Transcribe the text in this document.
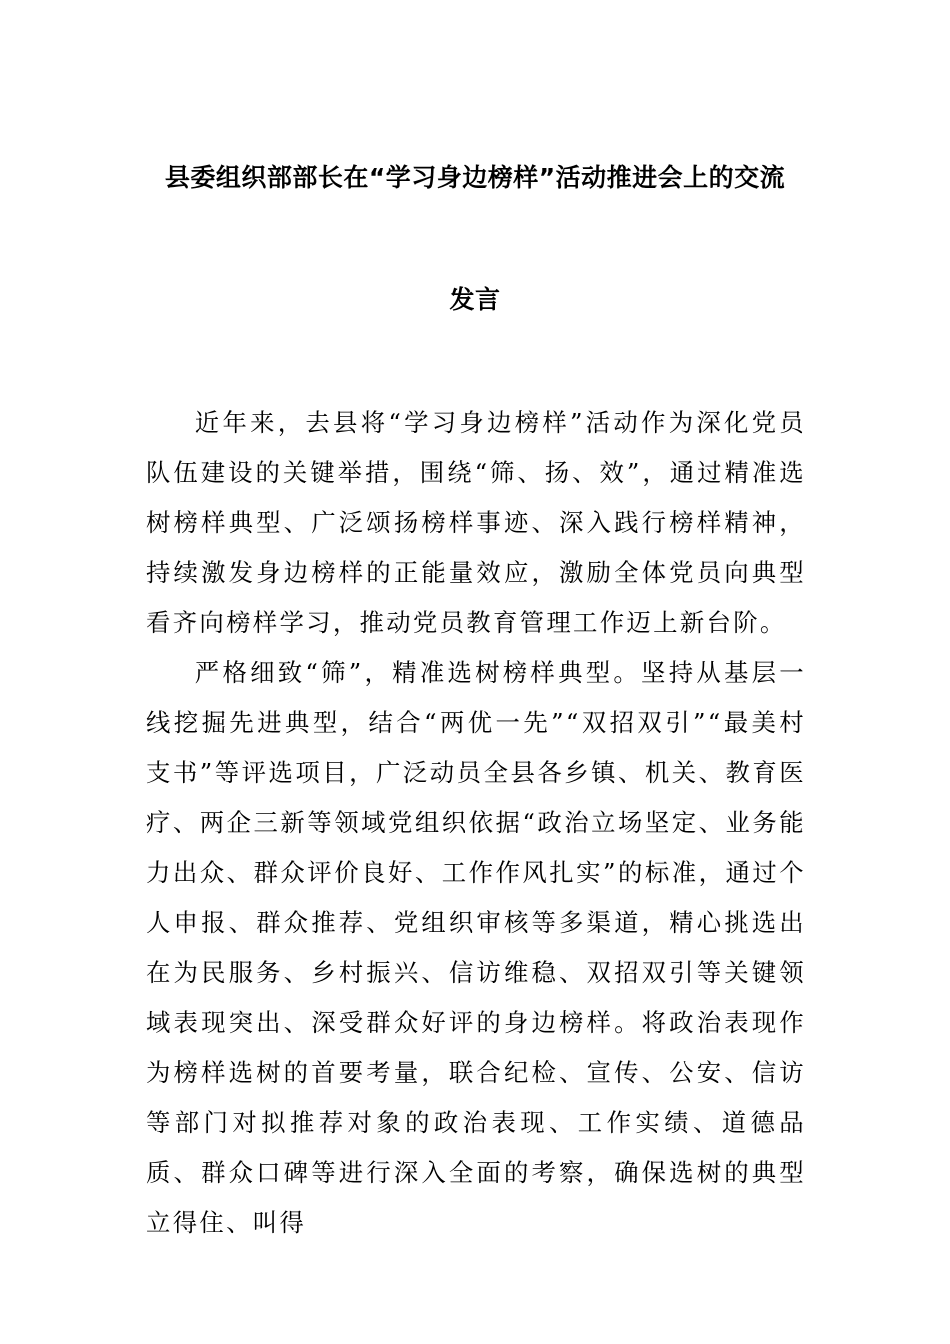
县委组织部部长在“学习身边榜样”活动推进会上的交流
发言

近年来，去县将“学习身边榜样”活动作为深化党员队伍建设的关键举措，围绕“筛、扬、效”，通过精准选树榜样典型、广泛颂扬榜样事迹、深入践行榜样精神，持续激发身边榜样的正能量效应，激励全体党员向典型看齐向榜样学习，推动党员教育管理工作迈上新台阶。

严格细致“筛”，精准选树榜样典型。坚持从基层一线挖掘先进典型，结合“两优一先”“双招双引”“最美村支书”等评选项目，广泛动员全县各乡镇、机关、教育医疗、两企三新等领域党组织依据“政治立场坚定、业务能力出众、群众评价良好、工作作风扎实”的标准，通过个人申报、群众推荐、党组织审核等多渠道，精心挑选出在为民服务、乡村振兴、信访维稳、双招双引等关键领域表现突出、深受群众好评的身边榜样。将政治表现作为榜样选树的首要考量，联合纪检、宣传、公安、信访等部门对拟推荐对象的政治表现、工作实绩、道德品质、群众口碑等进行深入全面的考察，确保选树的典型立得住、叫得
